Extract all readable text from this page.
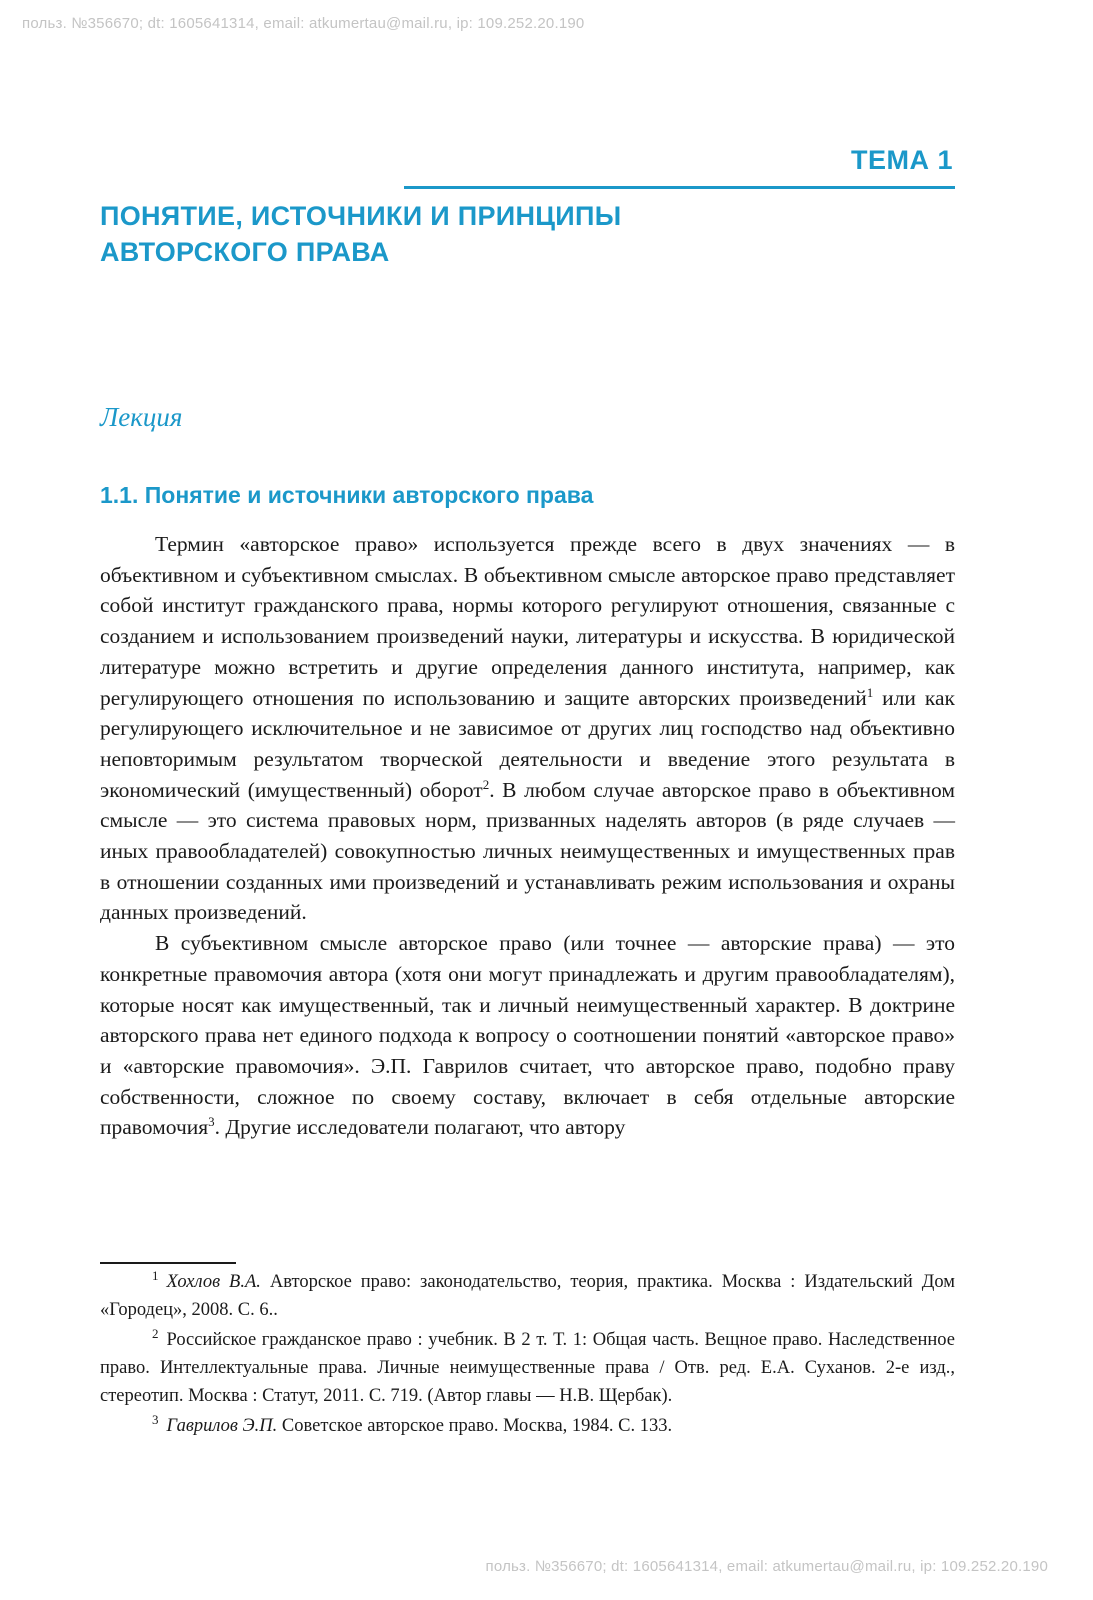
польз. №356670; dt: 1605641314, email: atkumertau@mail.ru, ip: 109.252.20.190
ТЕМА 1
ПОНЯТИЕ, ИСТОЧНИКИ И ПРИНЦИПЫ
АВТОРСКОГО ПРАВА
Лекция
1.1. Понятие и источники авторского права

Термин «авторское право» используется прежде всего в двух значениях — в объективном и субъективном смыслах. В объективном смысле авторское право представляет собой институт гражданского права, нормы которого регулируют отношения, связанные с созданием и использованием произведений науки, литературы и искусства. В юридической литературе можно встретить и другие определения данного института, например, как регулирующего отношения по использованию и защите авторских произведений$^1$ или как регулирующего исключительное и не зависимое от других лиц господство над объективно неповторимым результатом творческой деятельности и введение этого результата в экономический (имущественный) оборот$^2$. В любом случае авторское право в объективном смысле — это система правовых норм, призванных наделять авторов (в ряде случаев — иных правообладателей) совокупностью личных неимущественных и имущественных прав в отношении созданных ими произведений и устанавливать режим использования и охраны данных произведений.

В субъективном смысле авторское право (или точнее — авторские права) — это конкретные правомочия автора (хотя они могут принадлежать и другим правообладателям), которые носят как имущественный, так и личный неимущественный характер. В доктрине авторского права нет единого подхода к вопросу о соотношении понятий «авторское право» и «авторские правомочия». Э.П. Гаврилов считает, что авторское право, подобно праву собственности, сложное по своему составу, включает в себя отдельные авторские правомочия$^3$. Другие исследователи полагают, что автору

$^1$ Хохлов В.А. Авторское право: законодательство, теория, практика. Москва : Издательский Дом «Городец», 2008. С. 6..

$^2$ Российское гражданское право : учебник. В 2 т. Т. 1: Общая часть. Вещное право. Наследственное право. Интеллектуальные права. Личные неимущественные права / Отв. ред. Е.А. Суханов. 2-е изд., стереотип. Москва : Статут, 2011. С. 719. (Автор главы — Н.В. Щербак).

$^3$ Гаврилов Э.П. Советское авторское право. Москва, 1984. С. 133.

польз. №356670; dt: 1605641314, email: atkumertau@mail.ru, ip: 109.252.20.190
